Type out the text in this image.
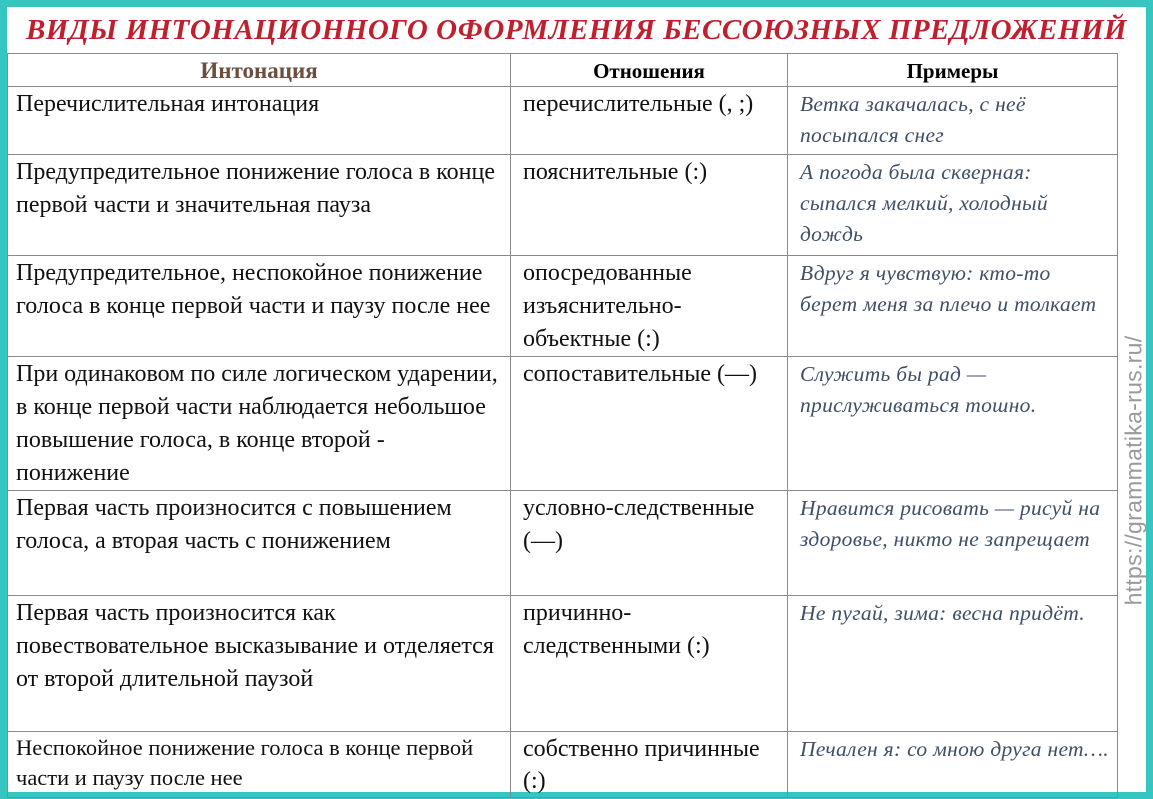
ВИДЫ ИНТОНАЦИОННОГО ОФОРМЛЕНИЯ БЕССОЮЗНЫХ ПРЕДЛОЖЕНИЙ
Интонация	Отношения	Примеры
Перечислительная интонация	перечислительные (, ;)	Ветка закачалась, с неё посыпался снег
Предупредительное понижение голоса в конце первой части и значительная пауза	пояснительные (:)	А погода была скверная: сыпался мелкий, холодный дождь
Предупредительное, неспокойное понижение голоса в конце первой части и паузу после нее	опосредованные изъяснительно-объектные (:)	Вдруг я чувствую: кто-то берет меня за плечо и толкает
При одинаковом по силе логическом ударении, в конце первой части наблюдается небольшое повышение голоса, в конце второй - понижение	сопоставительные (—)	Служить бы рад — прислуживаться тошно.
Первая часть произносится с повышением голоса, а вторая часть с понижением	условно-следственные (—)	Нравится рисовать — рисуй на здоровье, никто не запрещает
Первая часть произносится как повествовательное высказывание и отделяется от второй длительной паузой	причинно-следственными (:)	Не пугай, зима: весна придёт.
Неспокойное понижение голоса в конце первой части и паузу после нее	собственно причинные (:)	Печален я: со мною друга нет….
https://grammatika-rus.ru/
